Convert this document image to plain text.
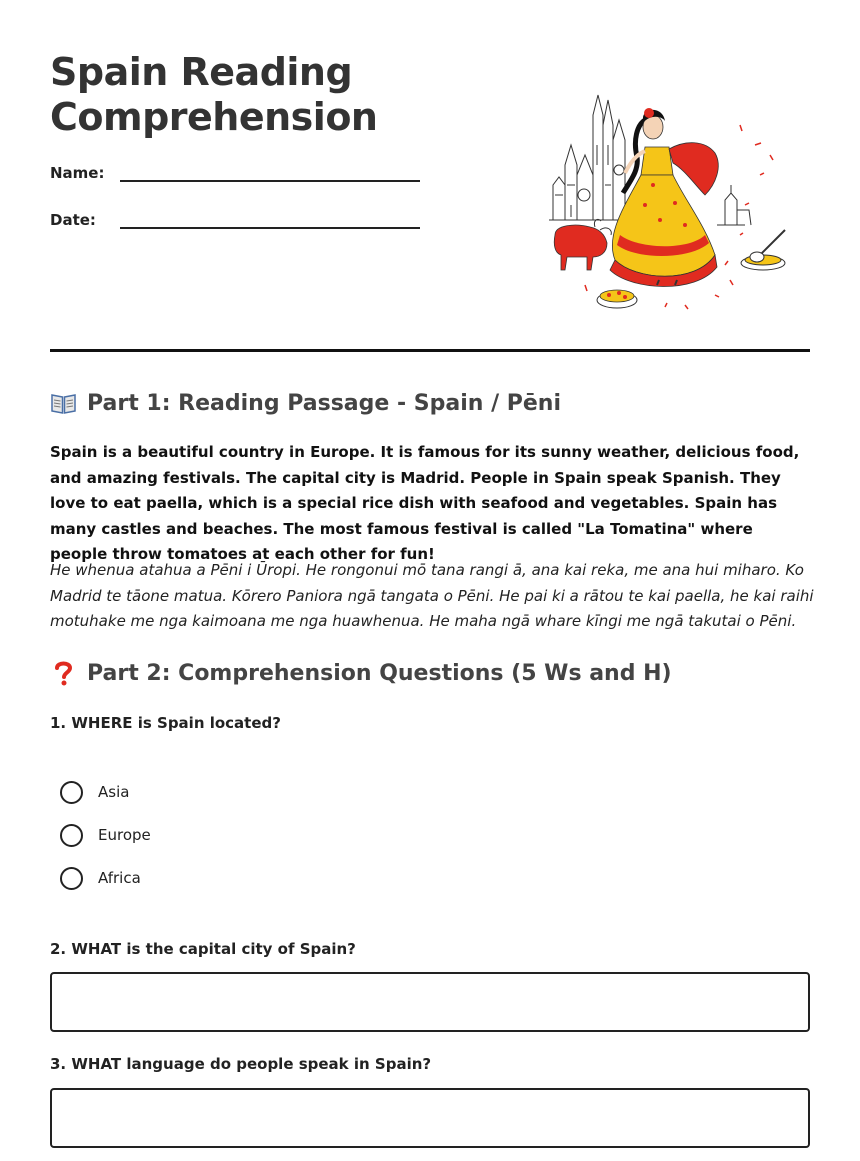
Spain Reading Comprehension
Name:
Date:
Part 1: Reading Passage - Spain / Pēni

Spain is a beautiful country in Europe. It is famous for its sunny weather, delicious food, and amazing festivals. The capital city is Madrid. People in Spain speak Spanish. They love to eat paella, which is a special rice dish with seafood and vegetables. Spain has many castles and beaches. The most famous festival is called "La Tomatina" where people throw tomatoes at each other for fun!

He whenua atahua a Pēni i Ūropi. He rongonui mō tana rangi ā, ana kai reka, me ana hui miharo. Ko Madrid te tāone matua. Kōrero Paniora ngā tangata o Pēni. He pai ki a rātou te kai paella, he kai raihi motuhake me nga kaimoana me nga huawhenua. He maha ngā whare kīngi me ngā takutai o Pēni.

Part 2: Comprehension Questions (5 Ws and H)
1. WHERE is Spain located?
Asia
Europe
Africa
2. WHAT is the capital city of Spain?
3. WHAT language do people speak in Spain?
